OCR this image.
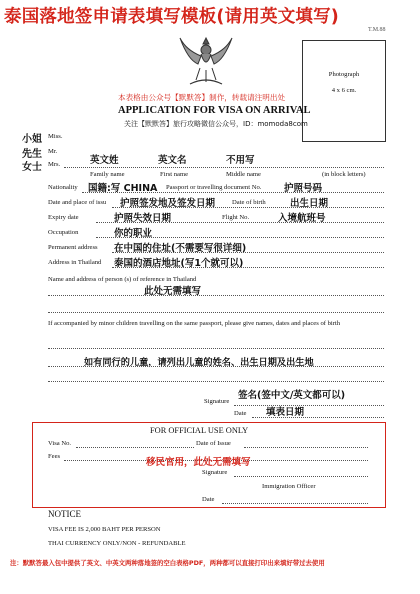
泰国落地签申请表填写模板(请用英文填写)
T.M.88
Photograph
4 x 6 cm.
本表格由公众号【默默答】制作，转载请注明出处
APPLICATION FOR VISA ON ARRIVAL
关注【默默答】旅行攻略微信公众号，ID：momoda8com
小姐 Miss.
先生 Mr.
女士 Mrs.	英文姓	英文名	不用写
Family name	First name	Middle name	(in block letters)
Nationality 国籍:写 CHINA Passport or travelling document No. 护照号码
Date and place of issu 护照签发地及签发日期	Date of birth	出生日期
Expiry date	护照失效日期	Flight No.	入境航班号
Occupation	你的职业
Permanent address 在中国的住址(不需要写很详细)
Address in Thailand 泰国的酒店地址(写1个就可以)
Name and address of person (s) of reference in Thailand
此处无需填写
If accompanied by minor children travelling on the same passport, please give names, dates and places of birth
如有同行的儿童，请列出儿童的姓名、出生日期及出生地
签名(签中文/英文都可以)
Signature
Date 填表日期
FOR OFFICIAL USE ONLY
Visa No.	Date of Issue
Fees
移民官用，此处无需填写
Signature
Immigration Officer
Date
NOTICE
VISA FEE IS 2,000 BAHT PER PERSON
THAI CURRENCY ONLY/NON - REFUNDABLE
注：默默答最入包中提供了英文、中英文两种落地签的空白表格PDF，两种都可以直接打印出来填好带过去使用
